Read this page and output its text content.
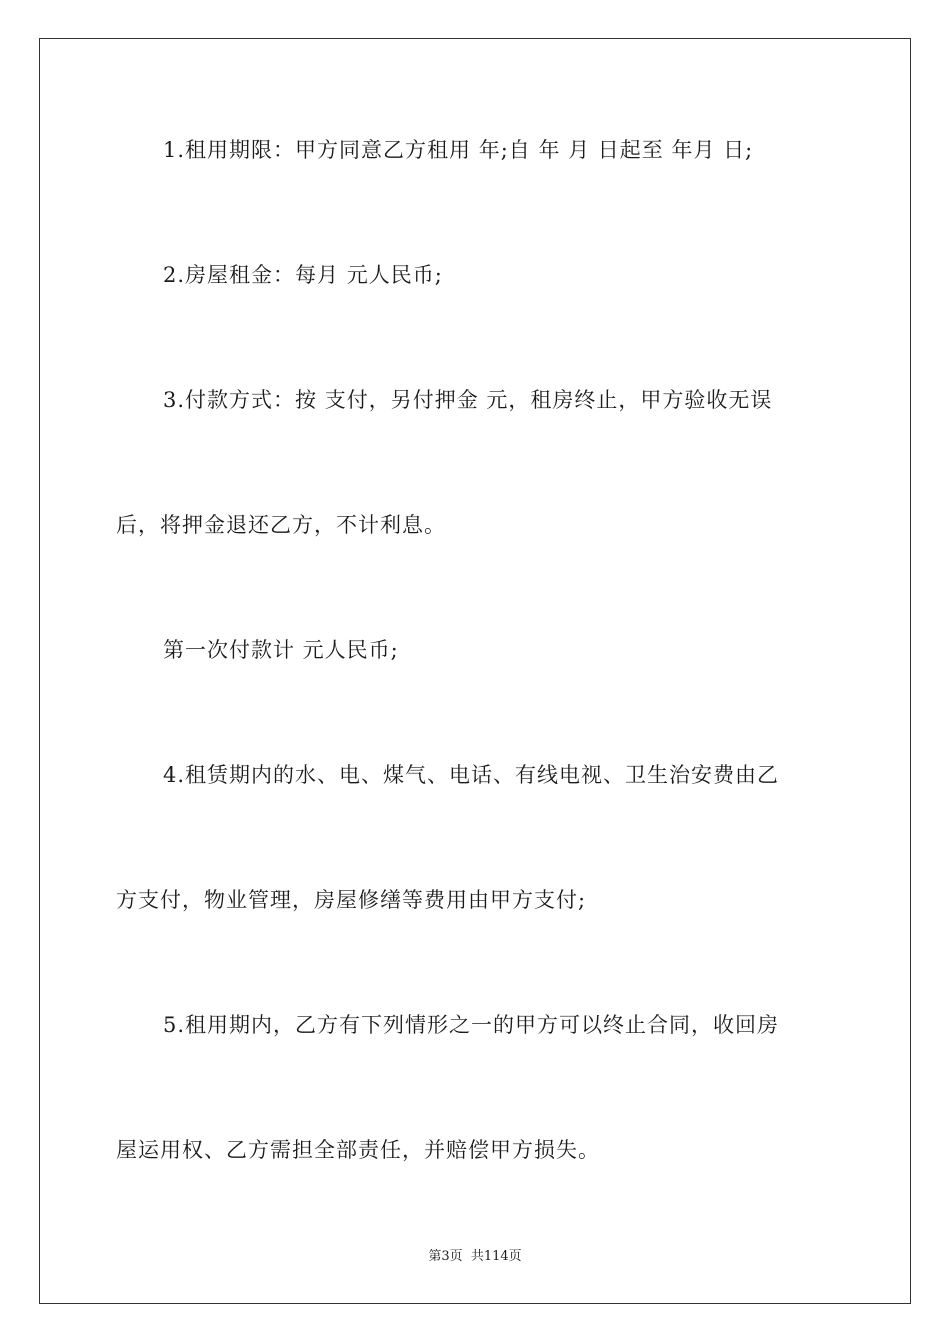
1.租用期限：甲方同意乙方租用 年;自 年 月 日起至 年月 日;
2.房屋租金：每月 元人民币;
3.付款方式：按 支付，另付押金 元，租房终止，甲方验收无误
后，将押金退还乙方，不计利息。
第一次付款计 元人民币;
4.租赁期内的水、电、煤气、电话、有线电视、卫生治安费由乙
方支付，物业管理，房屋修缮等费用由甲方支付;
5.租用期内，乙方有下列情形之一的甲方可以终止合同，收回房
屋运用权、乙方需担全部责任，并赔偿甲方损失。
第3页  共114页
